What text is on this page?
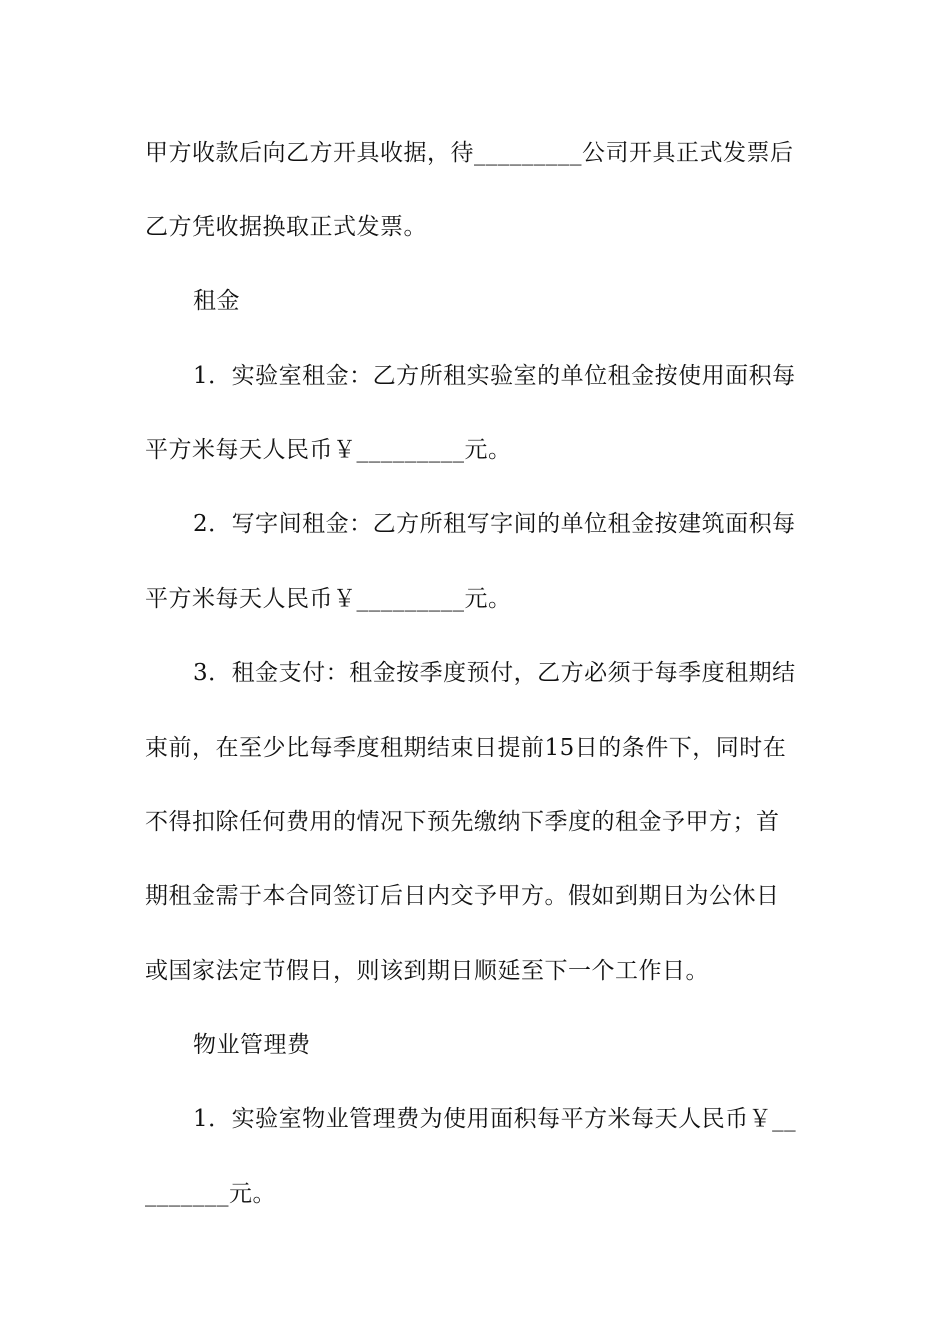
甲方收款后向乙方开具收据，待_________公司开具正式发票后
乙方凭收据换取正式发票。
租金
1．实验室租金：乙方所租实验室的单位租金按使用面积每
平方米每天人民币￥_________元。
2．写字间租金：乙方所租写字间的单位租金按建筑面积每
平方米每天人民币￥_________元。
3．租金支付：租金按季度预付，乙方必须于每季度租期结
束前，在至少比每季度租期结束日提前15日的条件下，同时在
不得扣除任何费用的情况下预先缴纳下季度的租金予甲方；首
期租金需于本合同签订后日内交予甲方。假如到期日为公休日
或国家法定节假日，则该到期日顺延至下一个工作日。
物业管理费
1．实验室物业管理费为使用面积每平方米每天人民币￥__
_______元。
